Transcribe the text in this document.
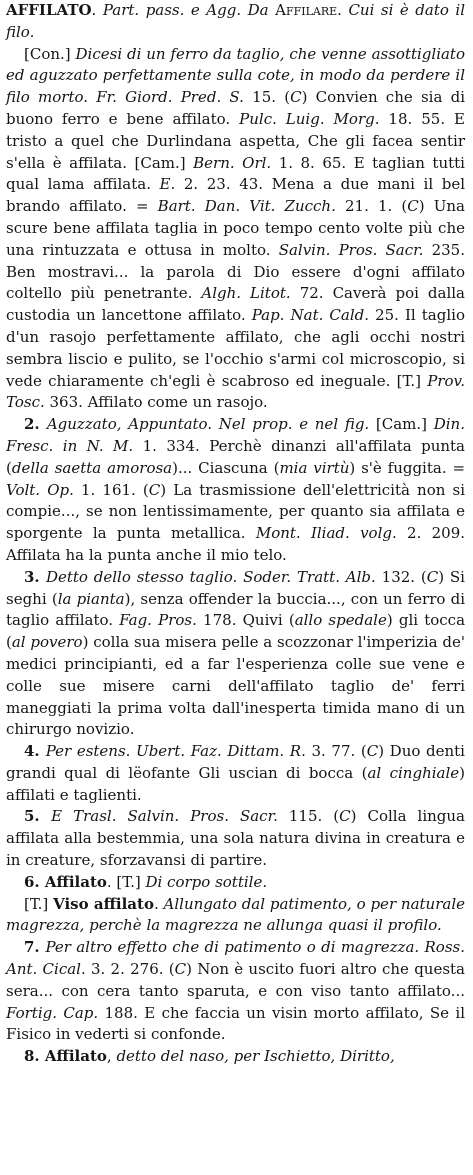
AFFILATO. Part. pass. e Agg. Da Affilare. Cui si è dato il filo.

[Con.] Dicesi di un ferro da taglio, che venne assottigliato ed aguzzato perfettamente sulla cote, in modo da perdere il filo morto. Fr. Giord. Pred. S. 15. (C) Convien che sia di buono ferro e bene affilato. Pulc. Luig. Morg. 18. 55. E tristo a quel che Durlindana aspetta, Che gli facea sentir s'ella è affilata. [Cam.] Bern. Orl. 1. 8. 65. E taglian tutti qual lama affilata. E. 2. 23. 43. Mena a due mani il bel brando affilato. = Bart. Dan. Vit. Zucch. 21. 1. (C) Una scure bene affilata taglia in poco tempo cento volte più che una rintuzzata e ottusa in molto. Salvin. Pros. Sacr. 235. Ben mostravi... la parola di Dio essere d'ogni affilato coltello più penetrante. Algh. Litot. 72. Caverà poi dalla custodia un lancettone affilato. Pap. Nat. Cald. 25. Il taglio d'un rasojo perfettamente affilato, che agli occhi nostri sembra liscio e pulito, se l'occhio s'armi col microscopio, si vede chiaramente ch'egli è scabroso ed ineguale. [T.] Prov. Tosc. 363. Affilato come un rasojo.

2. Aguzzato, Appuntato. Nel prop. e nel fig. [Cam.] Din. Fresc. in N. M. 1. 334. Perchè dinanzi all'affilata punta (della saetta amorosa)... Ciascuna (mia virtù) s'è fuggita. = Volt. Op. 1. 161. (C) La trasmissione dell'elettricità non si compie..., se non lentissimamente, per quanto sia affilata e sporgente la punta metallica. Mont. Iliad. volg. 2. 209. Affilata ha la punta anche il mio telo.

3. Detto dello stesso taglio. Soder. Tratt. Alb. 132. (C) Si seghi (la pianta), senza offender la buccia..., con un ferro di taglio affilato. Fag. Pros. 178. Quivi (allo spedale) gli tocca (al povero) colla sua misera pelle a scozzonar l'imperizia de' medici principianti, ed a far l'esperienza colle sue vene e colle sue misere carni dell'affilato taglio de' ferri maneggiati la prima volta dall'inesperta timida mano di un chirurgo novizio.

4. Per estens. Ubert. Faz. Dittam. R. 3. 77. (C) Duo denti grandi qual di lëofante Gli uscian di bocca (al cinghiale) affilati e taglienti.

5. E Trasl. Salvin. Pros. Sacr. 115. (C) Colla lingua affilata alla bestemmia, una sola natura divina in creatura e in creature, sforzavansi di partire.

6. Affilato. [T.] Di corpo sottile.

[T.] Viso affilato. Allungato dal patimento, o per naturale magrezza, perchè la magrezza ne allunga quasi il profilo.

7. Per altro effetto che di patimento o di magrezza. Ross. Ant. Cical. 3. 2. 276. (C) Non è uscito fuori altro che questa sera... con cera tanto sparuta, e con viso tanto affilato... Fortig. Cap. 188. E che faccia un visin morto affilato, Se il Fisico in vederti si confonde.

8. Affilato, detto del naso, per Ischietto, Diritto,
